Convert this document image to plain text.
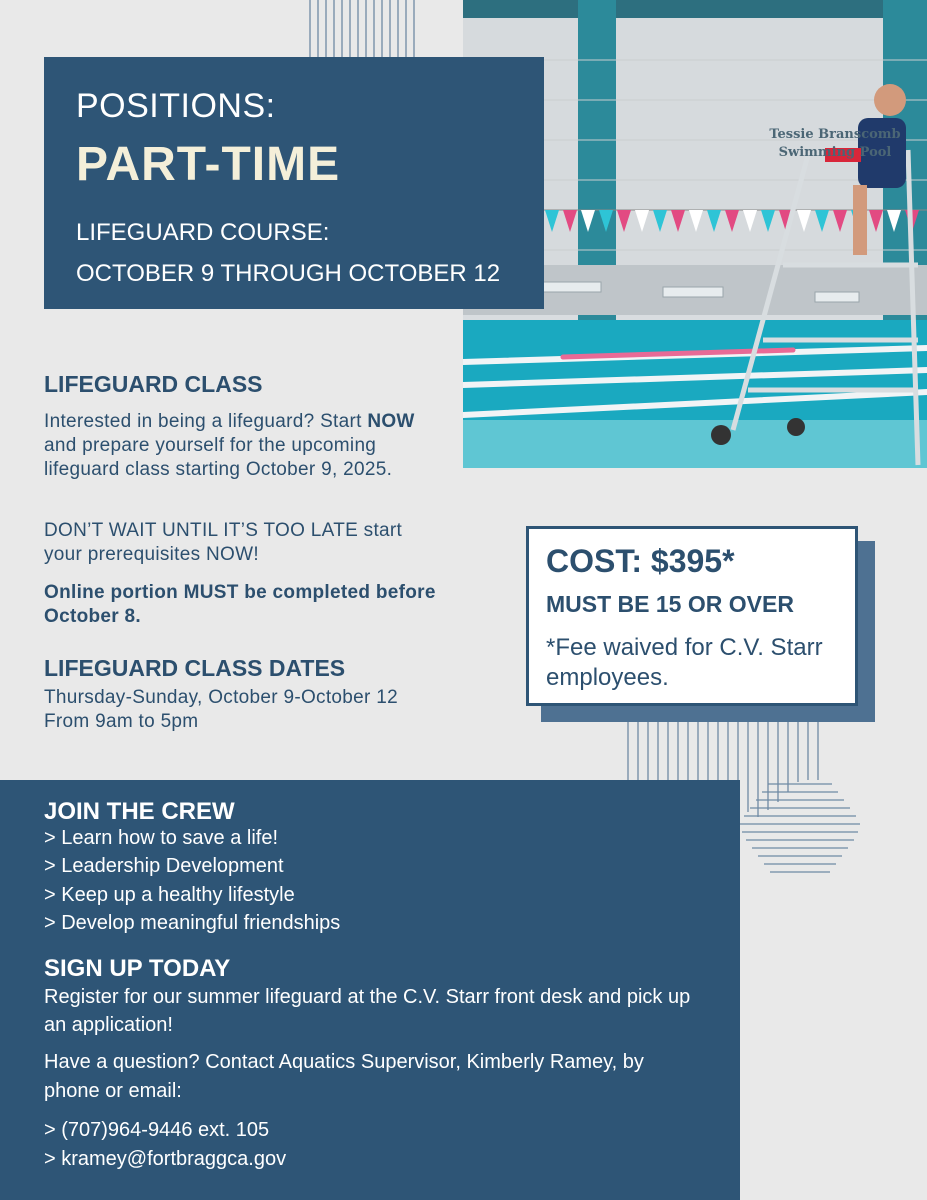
Tessie Branscomb
Swimming Pool
POSITIONS:
PART-TIME
LIFEGUARD COURSE:
OCTOBER 9 THROUGH OCTOBER 12
LIFEGUARD CLASS
Interested in being a lifeguard? Start NOW and prepare yourself for the upcoming lifeguard class starting October 9, 2025.
DON’T WAIT UNTIL IT’S TOO LATE start your prerequisites NOW!
Online portion MUST be completed before October 8.
LIFEGUARD CLASS DATES
Thursday-Sunday, October 9-October 12
From 9am to 5pm
COST: $395*
MUST BE 15 OR OVER
*Fee waived for C.V. Starr employees.
JOIN THE CREW
> Learn how to save a life!
> Leadership Development
> Keep up a healthy lifestyle
> Develop meaningful friendships
SIGN UP TODAY
Register for our summer lifeguard at the C.V. Starr front desk and pick up an application!
Have a question? Contact Aquatics Supervisor, Kimberly Ramey, by phone or email:
> (707)964-9446 ext. 105
> kramey@fortbraggca.gov
